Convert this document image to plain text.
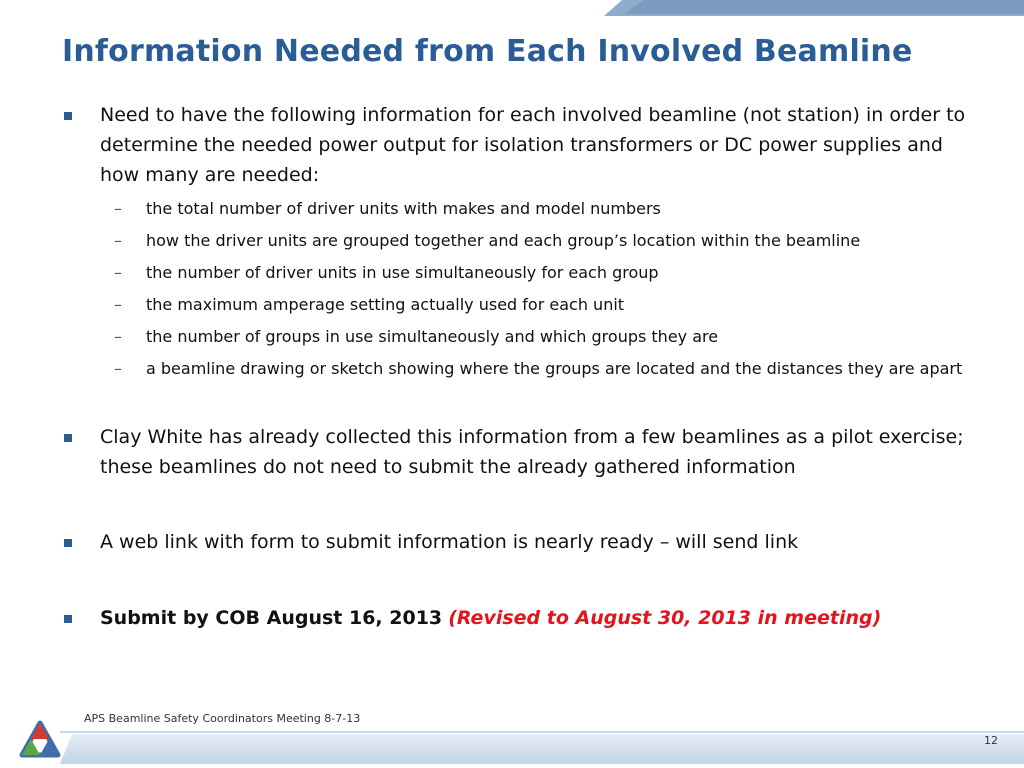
Information Needed from Each Involved Beamline
Need to have the following information for each involved beamline (not station) in order to determine the needed power output for isolation transformers or DC power supplies and how many are needed:
– the total number of driver units with makes and model numbers
– how the driver units are grouped together and each group’s location within the beamline
– the number of driver units in use simultaneously for each group
– the maximum amperage setting actually used for each unit
– the number of groups in use simultaneously and which groups they are
– a beamline drawing or sketch showing where the groups are located and the distances they are apart
Clay White has already collected this information from a few beamlines as a pilot exercise; these beamlines do not need to submit the already gathered information
A web link with form to submit information is nearly ready – will send link
Submit by COB August 16, 2013 (Revised to August 30, 2013 in meeting)
APS Beamline Safety Coordinators Meeting 8-7-13
12
